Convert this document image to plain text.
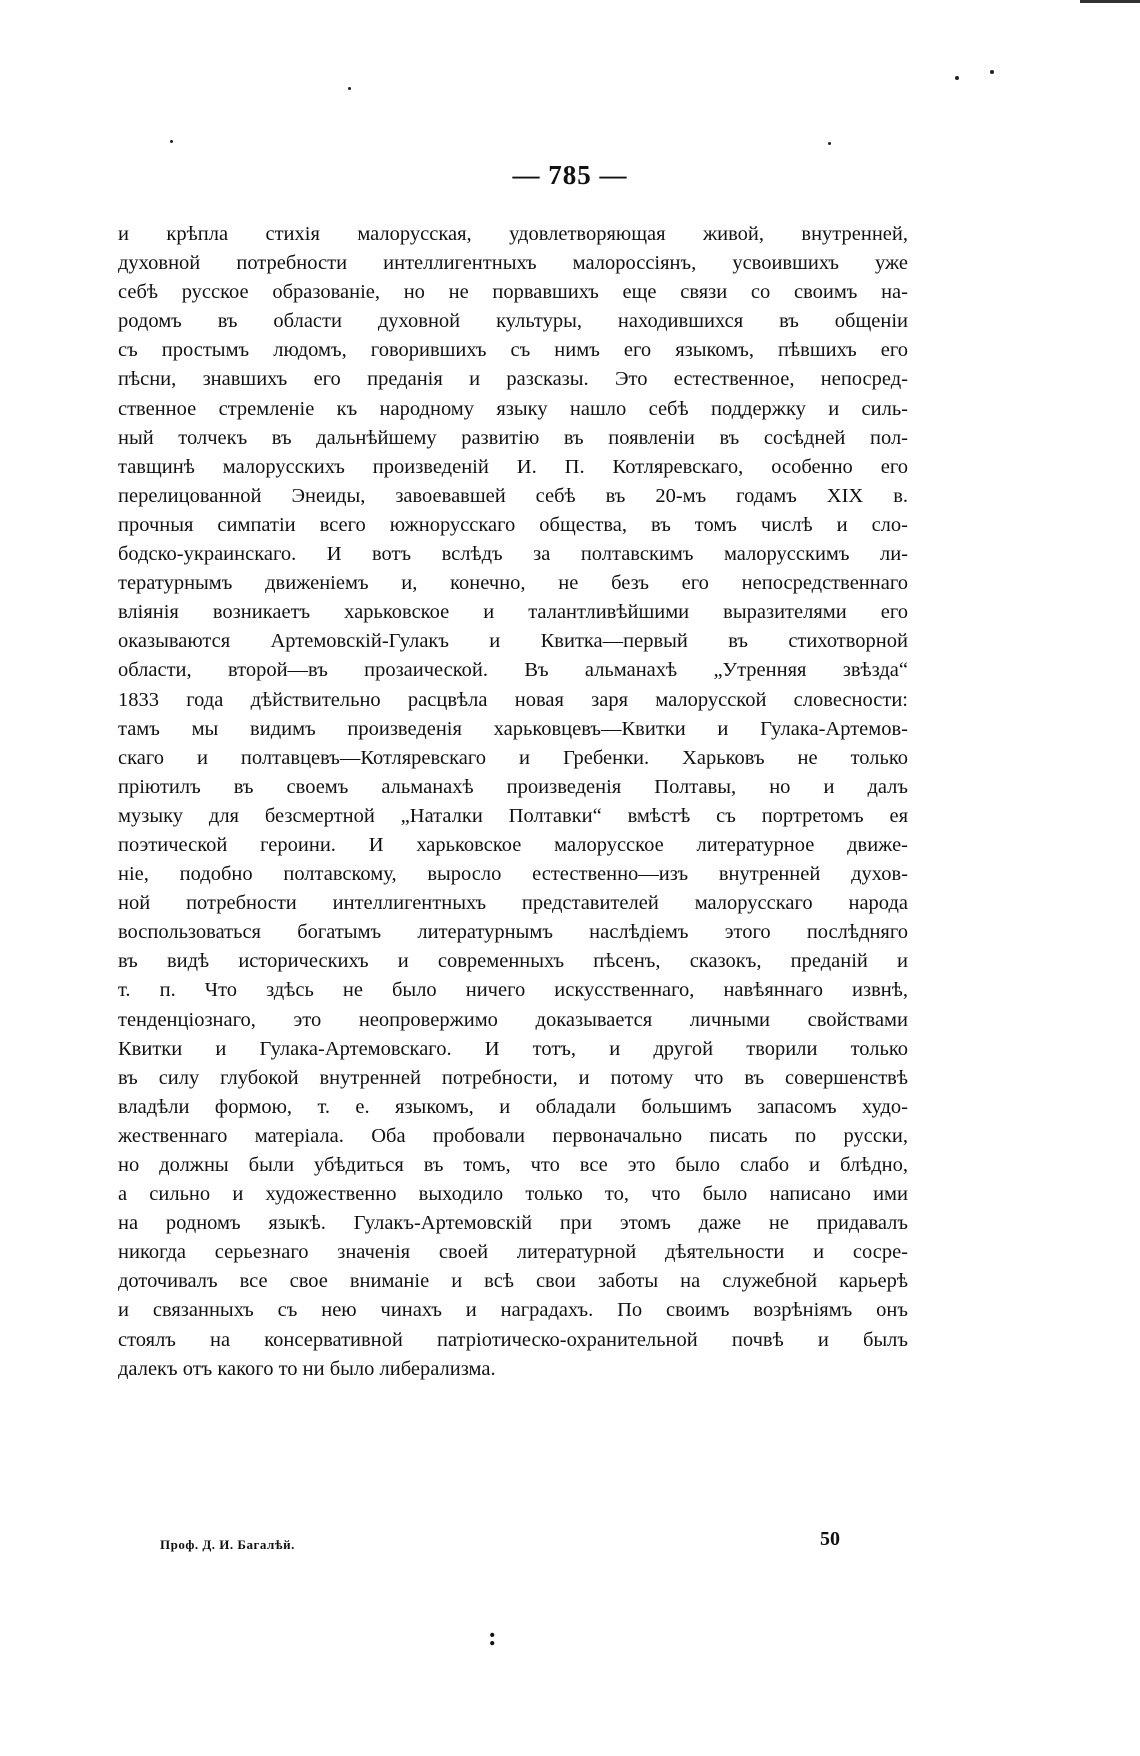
— 785 —
и крѣпла стихія малорусская, удовлетворяющая живой, внутренней,
духовной потребности интеллигентныхъ малороссіянъ, усвоившихъ уже
себѣ русское образованіе, но не порвавшихъ еще связи со своимъ на-
родомъ въ области духовной культуры, находившихся въ общеніи
съ простымъ людомъ, говорившихъ съ нимъ его языкомъ, пѣвшихъ его
пѣсни, знавшихъ его преданія и разсказы. Это естественное, непосред-
ственное стремленіе къ народному языку нашло себѣ поддержку и силь-
ный толчекъ въ дальнѣйшему развитію въ появленіи въ сосѣдней пол-
тавщинѣ малорусскихъ произведеній И. П. Котляревскаго, особенно его
перелицованной Энеиды, завоевавшей себѣ въ 20-мъ годамъ XIX в.
прочныя симпатіи всего южнорусскаго общества, въ томъ числѣ и сло-
бодско-украинскаго. И вотъ вслѣдъ за полтавскимъ малорусскимъ ли-
тературнымъ движеніемъ и, конечно, не безъ его непосредственнаго
вліянія возникаетъ харьковское и талантливѣйшими выразителями его
оказываются Артемовскій-Гулакъ и Квитка—первый въ стихотворной
области, второй—въ прозаической. Въ альманахѣ „Утренняя звѣзда“
1833 года дѣйствительно расцвѣла новая заря малорусской словесности:
тамъ мы видимъ произведенія харьковцевъ—Квитки и Гулака-Артемов-
скаго и полтавцевъ—Котляревскаго и Гребенки. Харьковъ не только
пріютилъ въ своемъ альманахѣ произведенія Полтавы, но и далъ
музыку для безсмертной „Наталки Полтавки“ вмѣстѣ съ портретомъ ея
поэтической героини. И харьковское малорусское литературное движе-
ніе, подобно полтавскому, выросло естественно—изъ внутренней духов-
ной потребности интеллигентныхъ представителей малорусскаго народа
воспользоваться богатымъ литературнымъ наслѣдіемъ этого послѣдняго
въ видѣ историческихъ и современныхъ пѣсенъ, сказокъ, преданій и
т. п. Что здѣсь не было ничего искусственнаго, навѣяннаго извнѣ,
тенденціознаго, это неопровержимо доказывается личными свойствами
Квитки и Гулака-Артемовскаго. И тотъ, и другой творили только
въ силу глубокой внутренней потребности, и потому что въ совершенствѣ
владѣли формою, т. е. языкомъ, и обладали большимъ запасомъ худо-
жественнаго матеріала. Оба пробовали первоначально писать по русски,
но должны были убѣдиться въ томъ, что все это было слабо и блѣдно,
а сильно и художественно выходило только то, что было написано ими
на родномъ языкѣ. Гулакъ-Артемовскій при этомъ даже не придавалъ
никогда серьезнаго значенія своей литературной дѣятельности и сосре-
доточивалъ все свое вниманіе и всѣ свои заботы на служебной карьерѣ
и связанныхъ съ нею чинахъ и наградахъ. По своимъ возрѣніямъ онъ
стоялъ на консервативной патріотическо-охранительной почвѣ и былъ
далекъ отъ какого то ни было либерализма.
Проф. Д. И. Багалѣй.	50
:
